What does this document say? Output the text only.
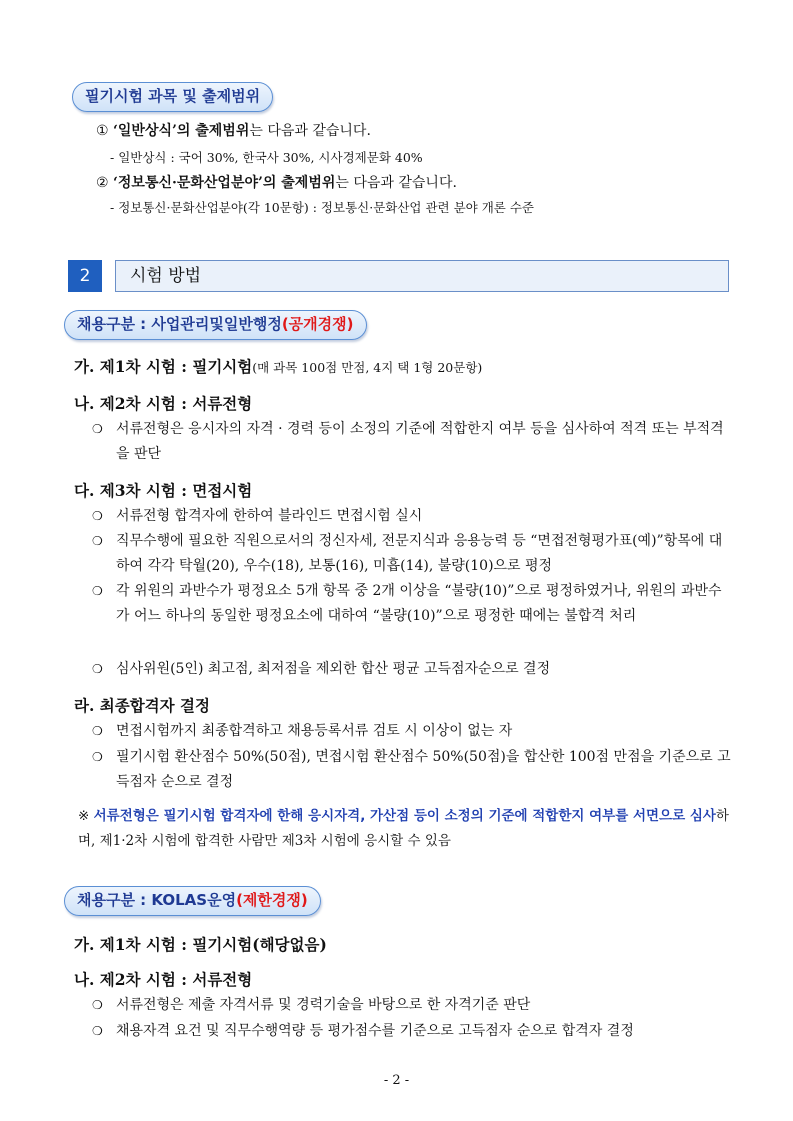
필기시험 과목 및 출제범위
① ‘일반상식’의 출제범위는 다음과 같습니다.
- 일반상식 : 국어 30%, 한국사 30%, 시사경제문화 40%
② ‘정보통신·문화산업분야’의 출제범위는 다음과 같습니다.
- 정보통신·문화산업분야(각 10문항) : 정보통신·문화산업 관련 분야 개론 수준
2	시험 방법
채용구분 : 사업관리및일반행정(공개경쟁)
가. 제1차 시험 : 필기시험(매 과목 100점 만점, 4지 택 1형 20문항)
나. 제2차 시험 : 서류전형
❍ 서류전형은 응시자의 자격 · 경력 등이 소정의 기준에 적합한지 여부 등을 심사하여 적격 또는 부적격을 판단
다. 제3차 시험 : 면접시험
❍ 서류전형 합격자에 한하여 블라인드 면접시험 실시
❍ 직무수행에 필요한 직원으로서의 정신자세, 전문지식과 응용능력 등 “면접전형평가표(예)”항목에 대하여 각각 탁월(20), 우수(18), 보통(16), 미흡(14), 불량(10)으로 평정
❍ 각 위원의 과반수가 평정요소 5개 항목 중 2개 이상을 “불량(10)”으로 평정하였거나, 위원의 과반수가 어느 하나의 동일한 평정요소에 대하여 “불량(10)”으로 평정한 때에는 불합격 처리
❍ 심사위원(5인) 최고점, 최저점을 제외한 합산 평균 고득점자순으로 결정
라. 최종합격자 결정
❍ 면접시험까지 최종합격하고 채용등록서류 검토 시 이상이 없는 자
❍ 필기시험 환산점수 50%(50점), 면접시험 환산점수 50%(50점)을 합산한 100점 만점을 기준으로 고득점자 순으로 결정
※ 서류전형은 필기시험 합격자에 한해 응시자격, 가산점 등이 소정의 기준에 적합한지 여부를 서면으로 심사하며, 제1·2차 시험에 합격한 사람만 제3차 시험에 응시할 수 있음
채용구분 : KOLAS운영(제한경쟁)
가. 제1차 시험 : 필기시험(해당없음)
나. 제2차 시험 : 서류전형
❍ 서류전형은 제출 자격서류 및 경력기술을 바탕으로 한 자격기준 판단
❍ 채용자격 요건 및 직무수행역량 등 평가점수를 기준으로 고득점자 순으로 합격자 결정
- 2 -
